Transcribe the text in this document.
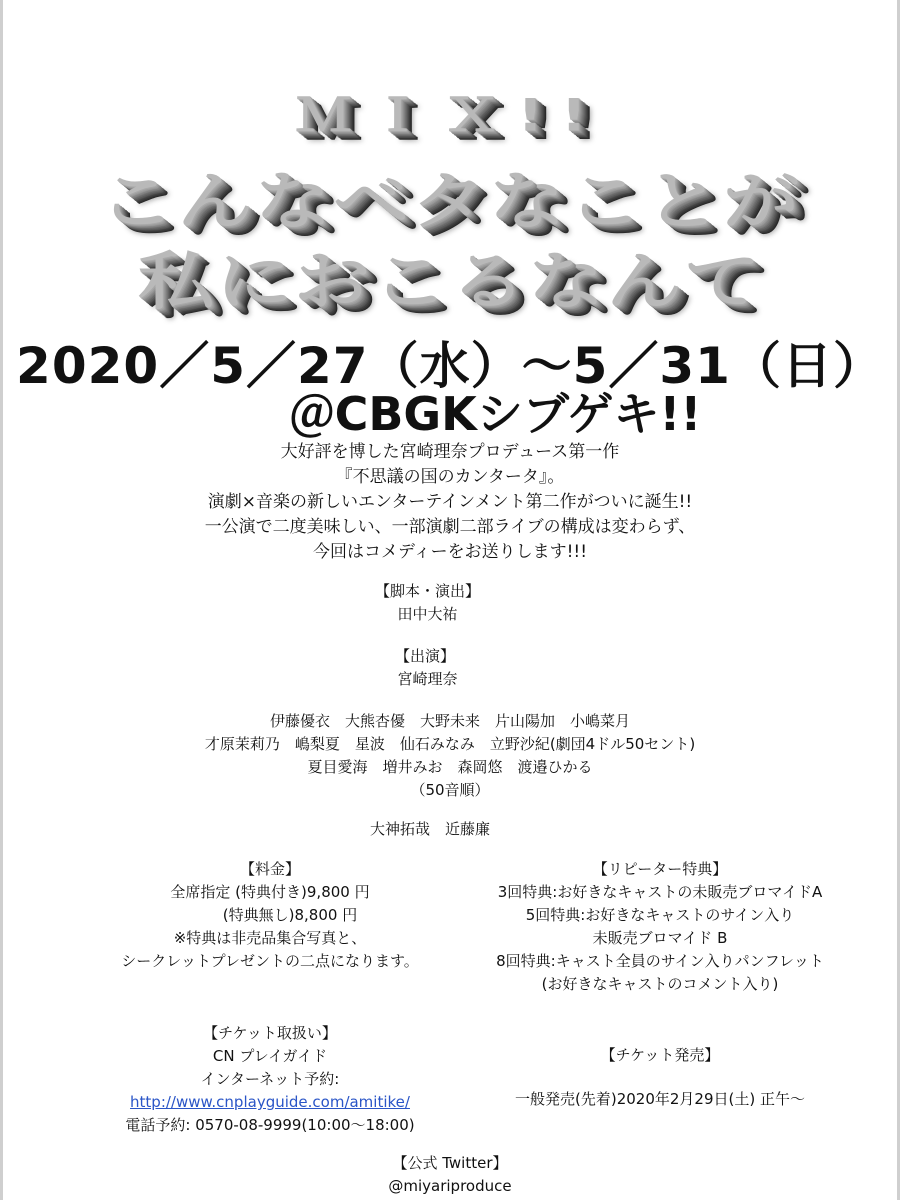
ＭＩＸ!!
こんなベタなことが
私におこるなんて
2020／5／27（水）～5／31（日）
＠CBGKシブゲキ!!
大好評を博した宮崎理奈プロデュース第一作
『不思議の国のカンタータ』。
演劇×音楽の新しいエンターテインメント第二作がついに誕生!!
一公演で二度美味しい、一部演劇二部ライブの構成は変わらず、
今回はコメディーをお送りします!!!
【脚本・演出】
田中大祐
【出演】
宮崎理奈
伊藤優衣　大熊杏優　大野未来　片山陽加　小嶋菜月
才原茉莉乃　嶋梨夏　星波　仙石みなみ　立野沙紀(劇団4ドル50セント)
夏目愛海　増井みお　森岡悠　渡邉ひかる
（50音順）
大神拓哉　近藤廉
【料金】
全席指定 (特典付き)9,800 円
(特典無し)8,800 円
※特典は非売品集合写真と、
シークレットプレゼントの二点になります。
【リピーター特典】
3回特典:お好きなキャストの未販売ブロマイドA
5回特典:お好きなキャストのサイン入り
未販売ブロマイド B
8回特典:キャスト全員のサイン入りパンフレット
(お好きなキャストのコメント入り)
【チケット取扱い】
CN プレイガイド
インターネット予約:
http://www.cnplayguide.com/amitike/
電話予約: 0570-08-9999(10:00～18:00)
【チケット発売】
一般発売(先着)2020年2月29日(土) 正午～
【公式 Twitter】
@miyariproduce
